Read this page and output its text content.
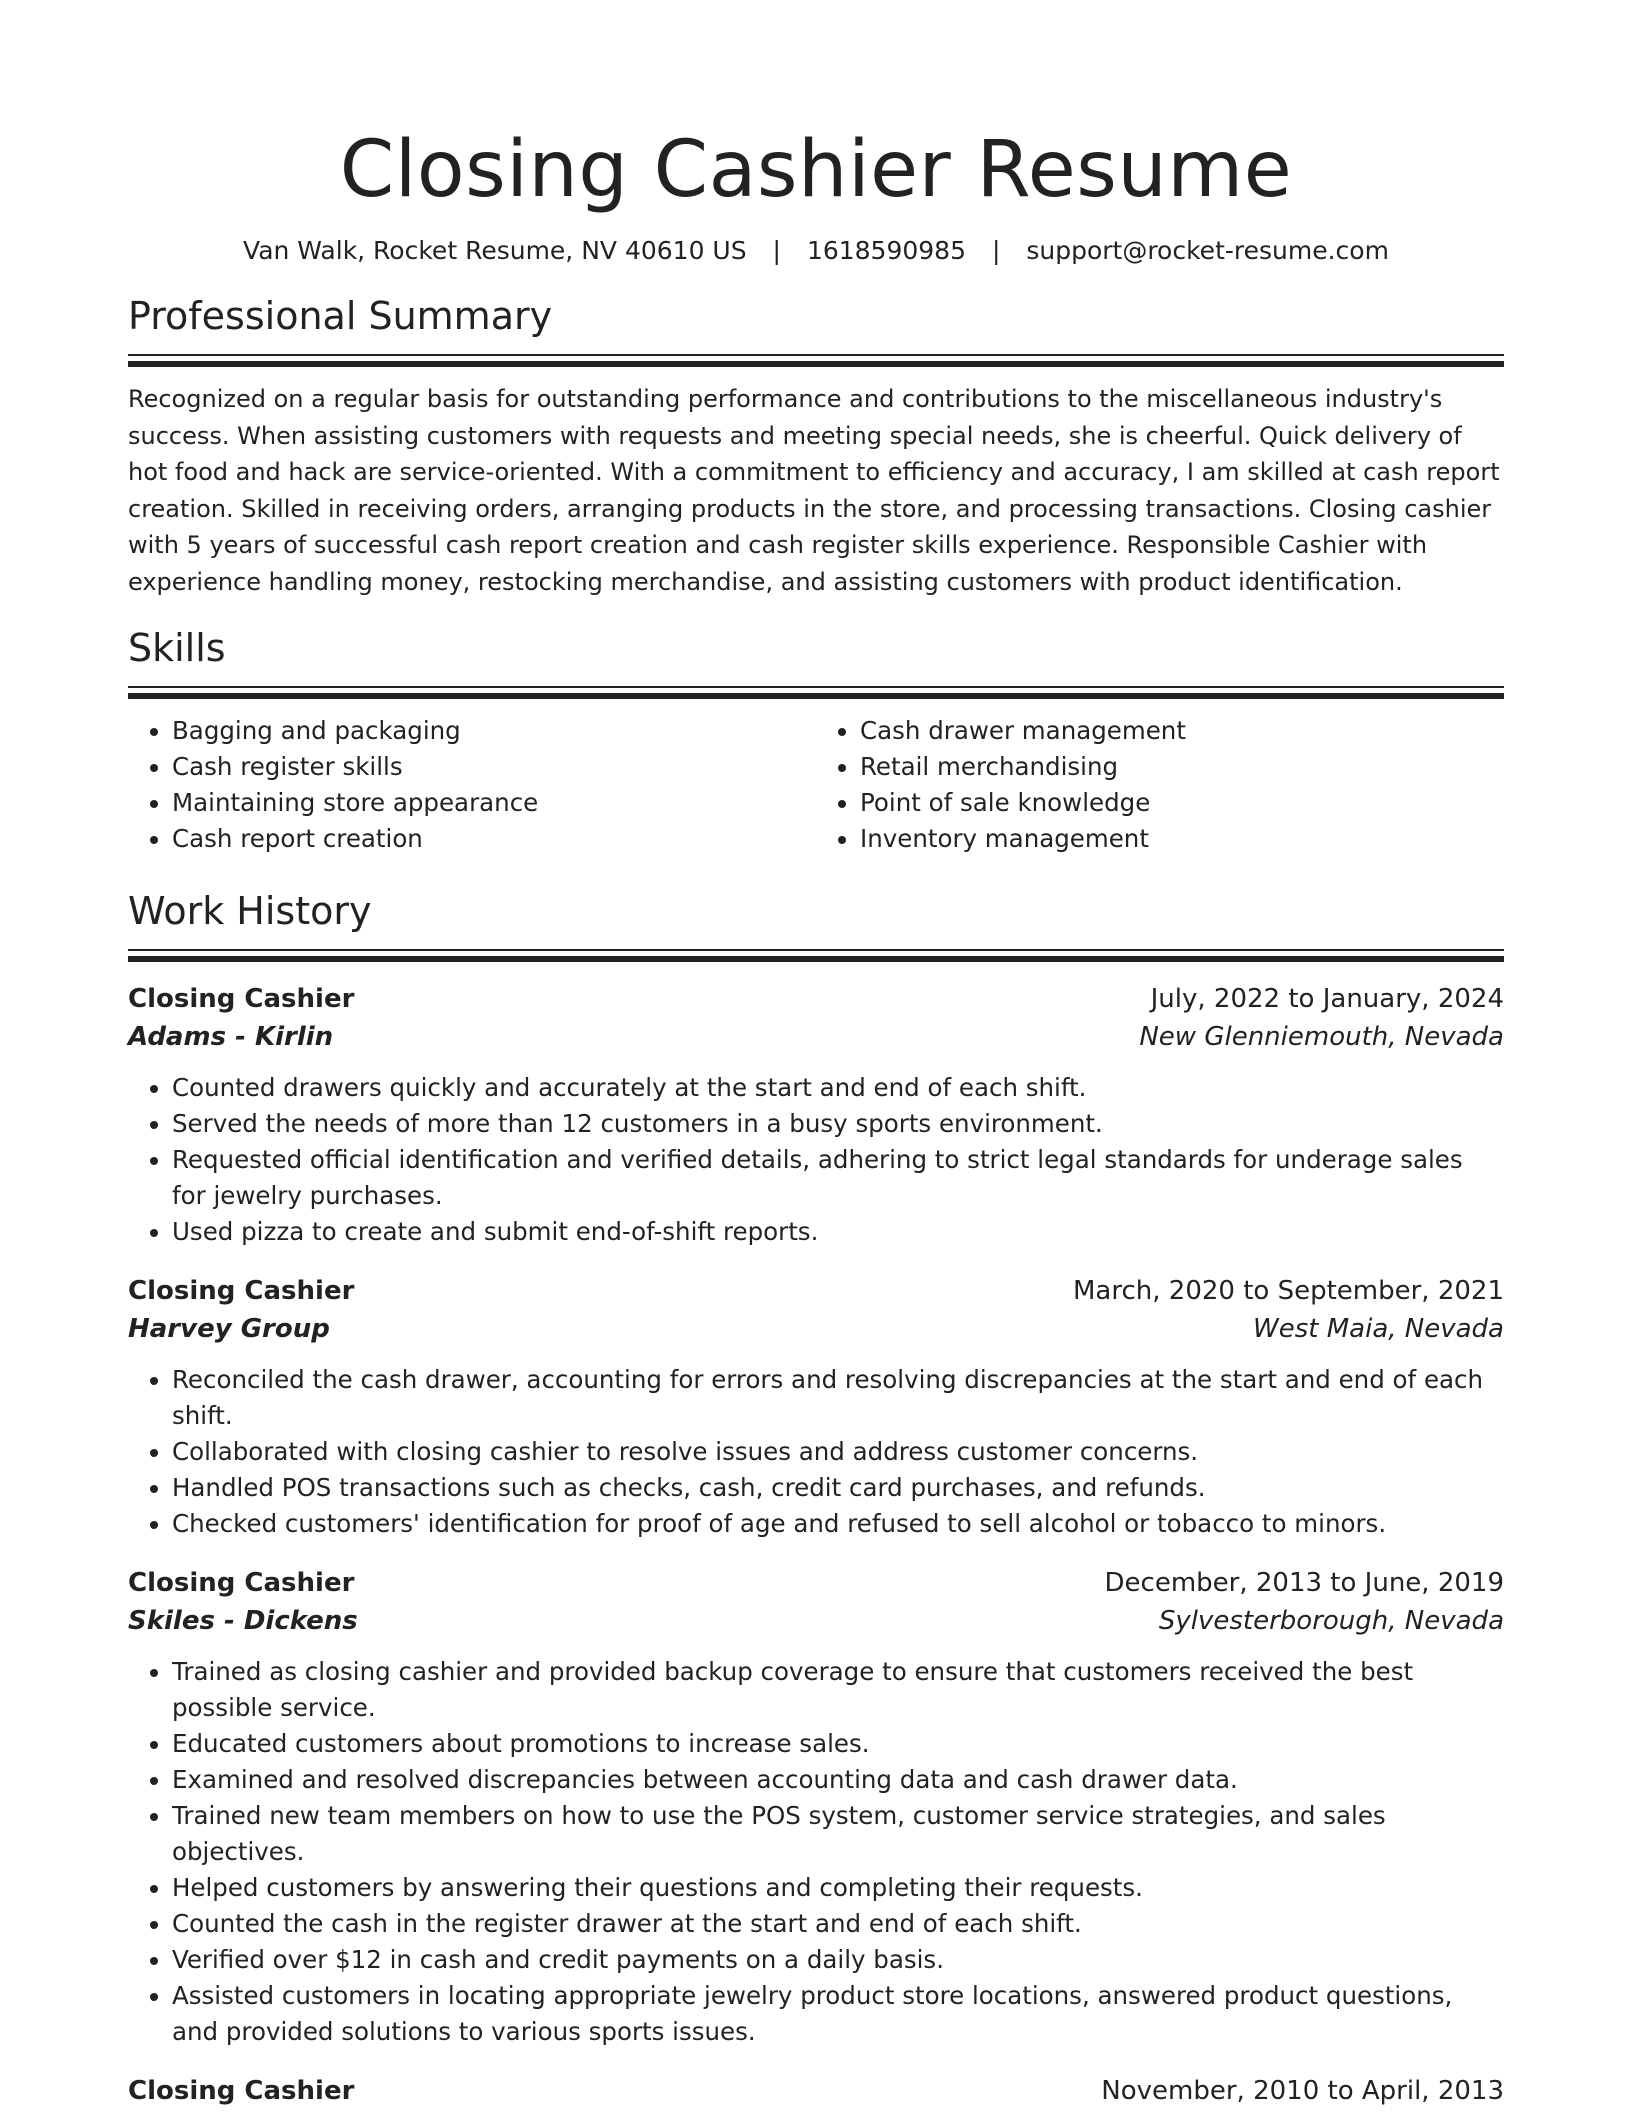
Closing Cashier Resume
Van Walk, Rocket Resume, NV 40610 US | 1618590985 | support@rocket-resume.com
Professional Summary

Recognized on a regular basis for outstanding performance and contributions to the miscellaneous industry's success. When assisting customers with requests and meeting special needs, she is cheerful. Quick delivery of hot food and hack are service-oriented. With a commitment to efficiency and accuracy, I am skilled at cash report creation. Skilled in receiving orders, arranging products in the store, and processing transactions. Closing cashier with 5 years of successful cash report creation and cash register skills experience. Responsible Cashier with experience handling money, restocking merchandise, and assisting customers with product identification.

Skills
• Bagging and packaging
• Cash register skills
• Maintaining store appearance
• Cash report creation
• Cash drawer management
• Retail merchandising
• Point of sale knowledge
• Inventory management
Work History
Closing Cashier	July, 2022 to January, 2024
Adams - Kirlin	New Glenniemouth, Nevada
• Counted drawers quickly and accurately at the start and end of each shift.
• Served the needs of more than 12 customers in a busy sports environment.
• Requested official identification and verified details, adhering to strict legal standards for underage sales for jewelry purchases.
• Used pizza to create and submit end-of-shift reports.
Closing Cashier	March, 2020 to September, 2021
Harvey Group	West Maia, Nevada
• Reconciled the cash drawer, accounting for errors and resolving discrepancies at the start and end of each shift.
• Collaborated with closing cashier to resolve issues and address customer concerns.
• Handled POS transactions such as checks, cash, credit card purchases, and refunds.
• Checked customers' identification for proof of age and refused to sell alcohol or tobacco to minors.
Closing Cashier	December, 2013 to June, 2019
Skiles - Dickens	Sylvesterborough, Nevada
• Trained as closing cashier and provided backup coverage to ensure that customers received the best possible service.
• Educated customers about promotions to increase sales.
• Examined and resolved discrepancies between accounting data and cash drawer data.
• Trained new team members on how to use the POS system, customer service strategies, and sales objectives.
• Helped customers by answering their questions and completing their requests.
• Counted the cash in the register drawer at the start and end of each shift.
• Verified over $12 in cash and credit payments on a daily basis.
• Assisted customers in locating appropriate jewelry product store locations, answered product questions, and provided solutions to various sports issues.
Closing Cashier	November, 2010 to April, 2013
